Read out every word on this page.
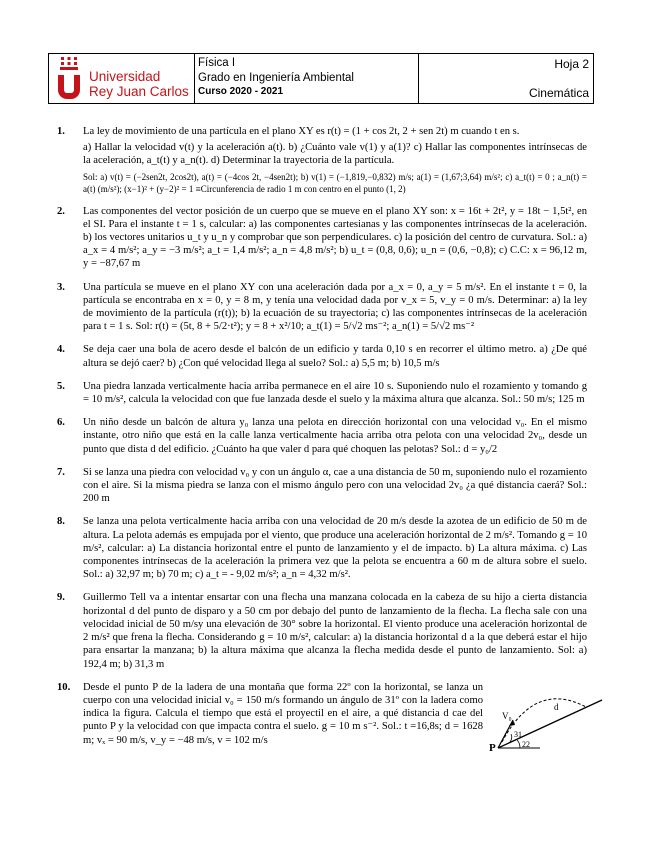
Universidad
Rey Juan Carlos
Física I
Grado en Ingeniería Ambiental
Curso 2020 - 2021
Hoja 2
Cinemática
1.	La ley de movimiento de una partícula en el plano XY es r(t) = (1 + cos 2t, 2 + sen 2t) m cuando t en s.

a) Hallar la velocidad v(t) y la aceleración a(t). b) ¿Cuánto vale v(1) y a(1)? c) Hallar las componentes intrínsecas de la aceleración, a_t(t) y a_n(t). d) Determinar la trayectoria de la partícula.

Sol: a) v(t) = (−2sen2t, 2cos2t), a(t) = (−4cos 2t, −4sen2t); b) v(1) = (−1,819,−0,832) m/s; a(1) = (1,67;3,64) m/s²; c) a_t(t) = 0 ; a_n(t) = a(t) (m/s²); (x−1)² + (y−2)² = 1 ≡Circunferencia de radio 1 m con centro en el punto (1, 2)

2.	Las componentes del vector posición de un cuerpo que se mueve en el plano XY son: x = 16t + 2t², y = 18t − 1,5t², en el SI. Para el instante t = 1 s, calcular: a) las componentes cartesianas y las componentes intrínsecas de la aceleración. b) los vectores unitarios u_t y u_n y comprobar que son perpendiculares. c) la posición del centro de curvatura. Sol.: a) a_x = 4 m/s²; a_y = −3 m/s²; a_t = 1,4 m/s²; a_n = 4,8 m/s²; b) u_t = (0,8, 0,6); u_n = (0,6, −0,8); c) C.C: x = 96,12 m, y = −87,67 m

3.	Una partícula se mueve en el plano XY con una aceleración dada por a_x = 0, a_y = 5 m/s². En el instante t = 0, la partícula se encontraba en x = 0, y = 8 m, y tenía una velocidad dada por v_x = 5, v_y = 0 m/s. Determinar: a) la ley de movimiento de la partícula (r(t)); b) la ecuación de su trayectoria; c) las componentes intrínsecas de la aceleración para t = 1 s. Sol: r(t) = (5t, 8 + 5/2·t²); y = 8 + x²/10; a_t(1) = 5/√2 ms⁻²; a_n(1) = 5/√2 ms⁻²

4.	Se deja caer una bola de acero desde el balcón de un edificio y tarda 0,10 s en recorrer el último metro. a) ¿De qué altura se dejó caer? b) ¿Con qué velocidad llega al suelo? Sol.: a) 5,5 m; b) 10,5 m/s

5.	Una piedra lanzada verticalmente hacia arriba permanece en el aire 10 s. Suponiendo nulo el rozamiento y tomando g = 10 m/s², calcula la velocidad con que fue lanzada desde el suelo y la máxima altura que alcanza. Sol.: 50 m/s; 125 m

6.	Un niño desde un balcón de altura y₀ lanza una pelota en dirección horizontal con una velocidad v₀. En el mismo instante, otro niño que está en la calle lanza verticalmente hacia arriba otra pelota con una velocidad 2v₀, desde un punto que dista d del edificio. ¿Cuánto ha que valer d para qué choquen las pelotas? Sol.: d = y₀/2

7.	Si se lanza una piedra con velocidad v₀ y con un ángulo α, cae a una distancia de 50 m, suponiendo nulo el rozamiento con el aire. Si la misma piedra se lanza con el mismo ángulo pero con una velocidad 2v₀ ¿a qué distancia caerá? Sol.: 200 m

8.	Se lanza una pelota verticalmente hacia arriba con una velocidad de 20 m/s desde la azotea de un edificio de 50 m de altura. La pelota además es empujada por el viento, que produce una aceleración horizontal de 2 m/s². Tomando g = 10 m/s², calcular: a) La distancia horizontal entre el punto de lanzamiento y el de impacto. b) La altura máxima. c) Las componentes intrínsecas de la aceleración la primera vez que la pelota se encuentra a 60 m de altura sobre el suelo. Sol.: a) 32,97 m; b) 70 m; c) a_t = - 9,02 m/s²; a_n = 4,32 m/s².

9.	Guillermo Tell va a intentar ensartar con una flecha una manzana colocada en la cabeza de su hijo a cierta distancia horizontal d del punto de disparo y a 50 cm por debajo del punto de lanzamiento de la flecha. La flecha sale con una velocidad inicial de 50 m/sy una elevación de 30° sobre la horizontal. El viento produce una aceleración horizontal de 2 m/s² que frena la flecha. Considerando g = 10 m/s², calcular: a) la distancia horizontal d a la que deberá estar el hijo para ensartar la manzana; b) la altura máxima que alcanza la flecha medida desde el punto de lanzamiento. Sol: a) 192,4 m; b) 31,3 m

10.	Desde el punto P de la ladera de una montaña que forma 22º con la horizontal, se lanza un cuerpo con una velocidad inicial v₀ = 150 m/s formando un ángulo de 31º con la ladera como indica la figura. Calcula el tiempo que está el proyectil en el aire, a qué distancia d cae del punto P y la velocidad con que impacta contra el suelo. g = 10 m s⁻². Sol.: t =16,8s; d = 1628 m; vₓ = 90 m/s, v_y = −48 m/s, v = 102 m/s

V₀
d
P
31
22
